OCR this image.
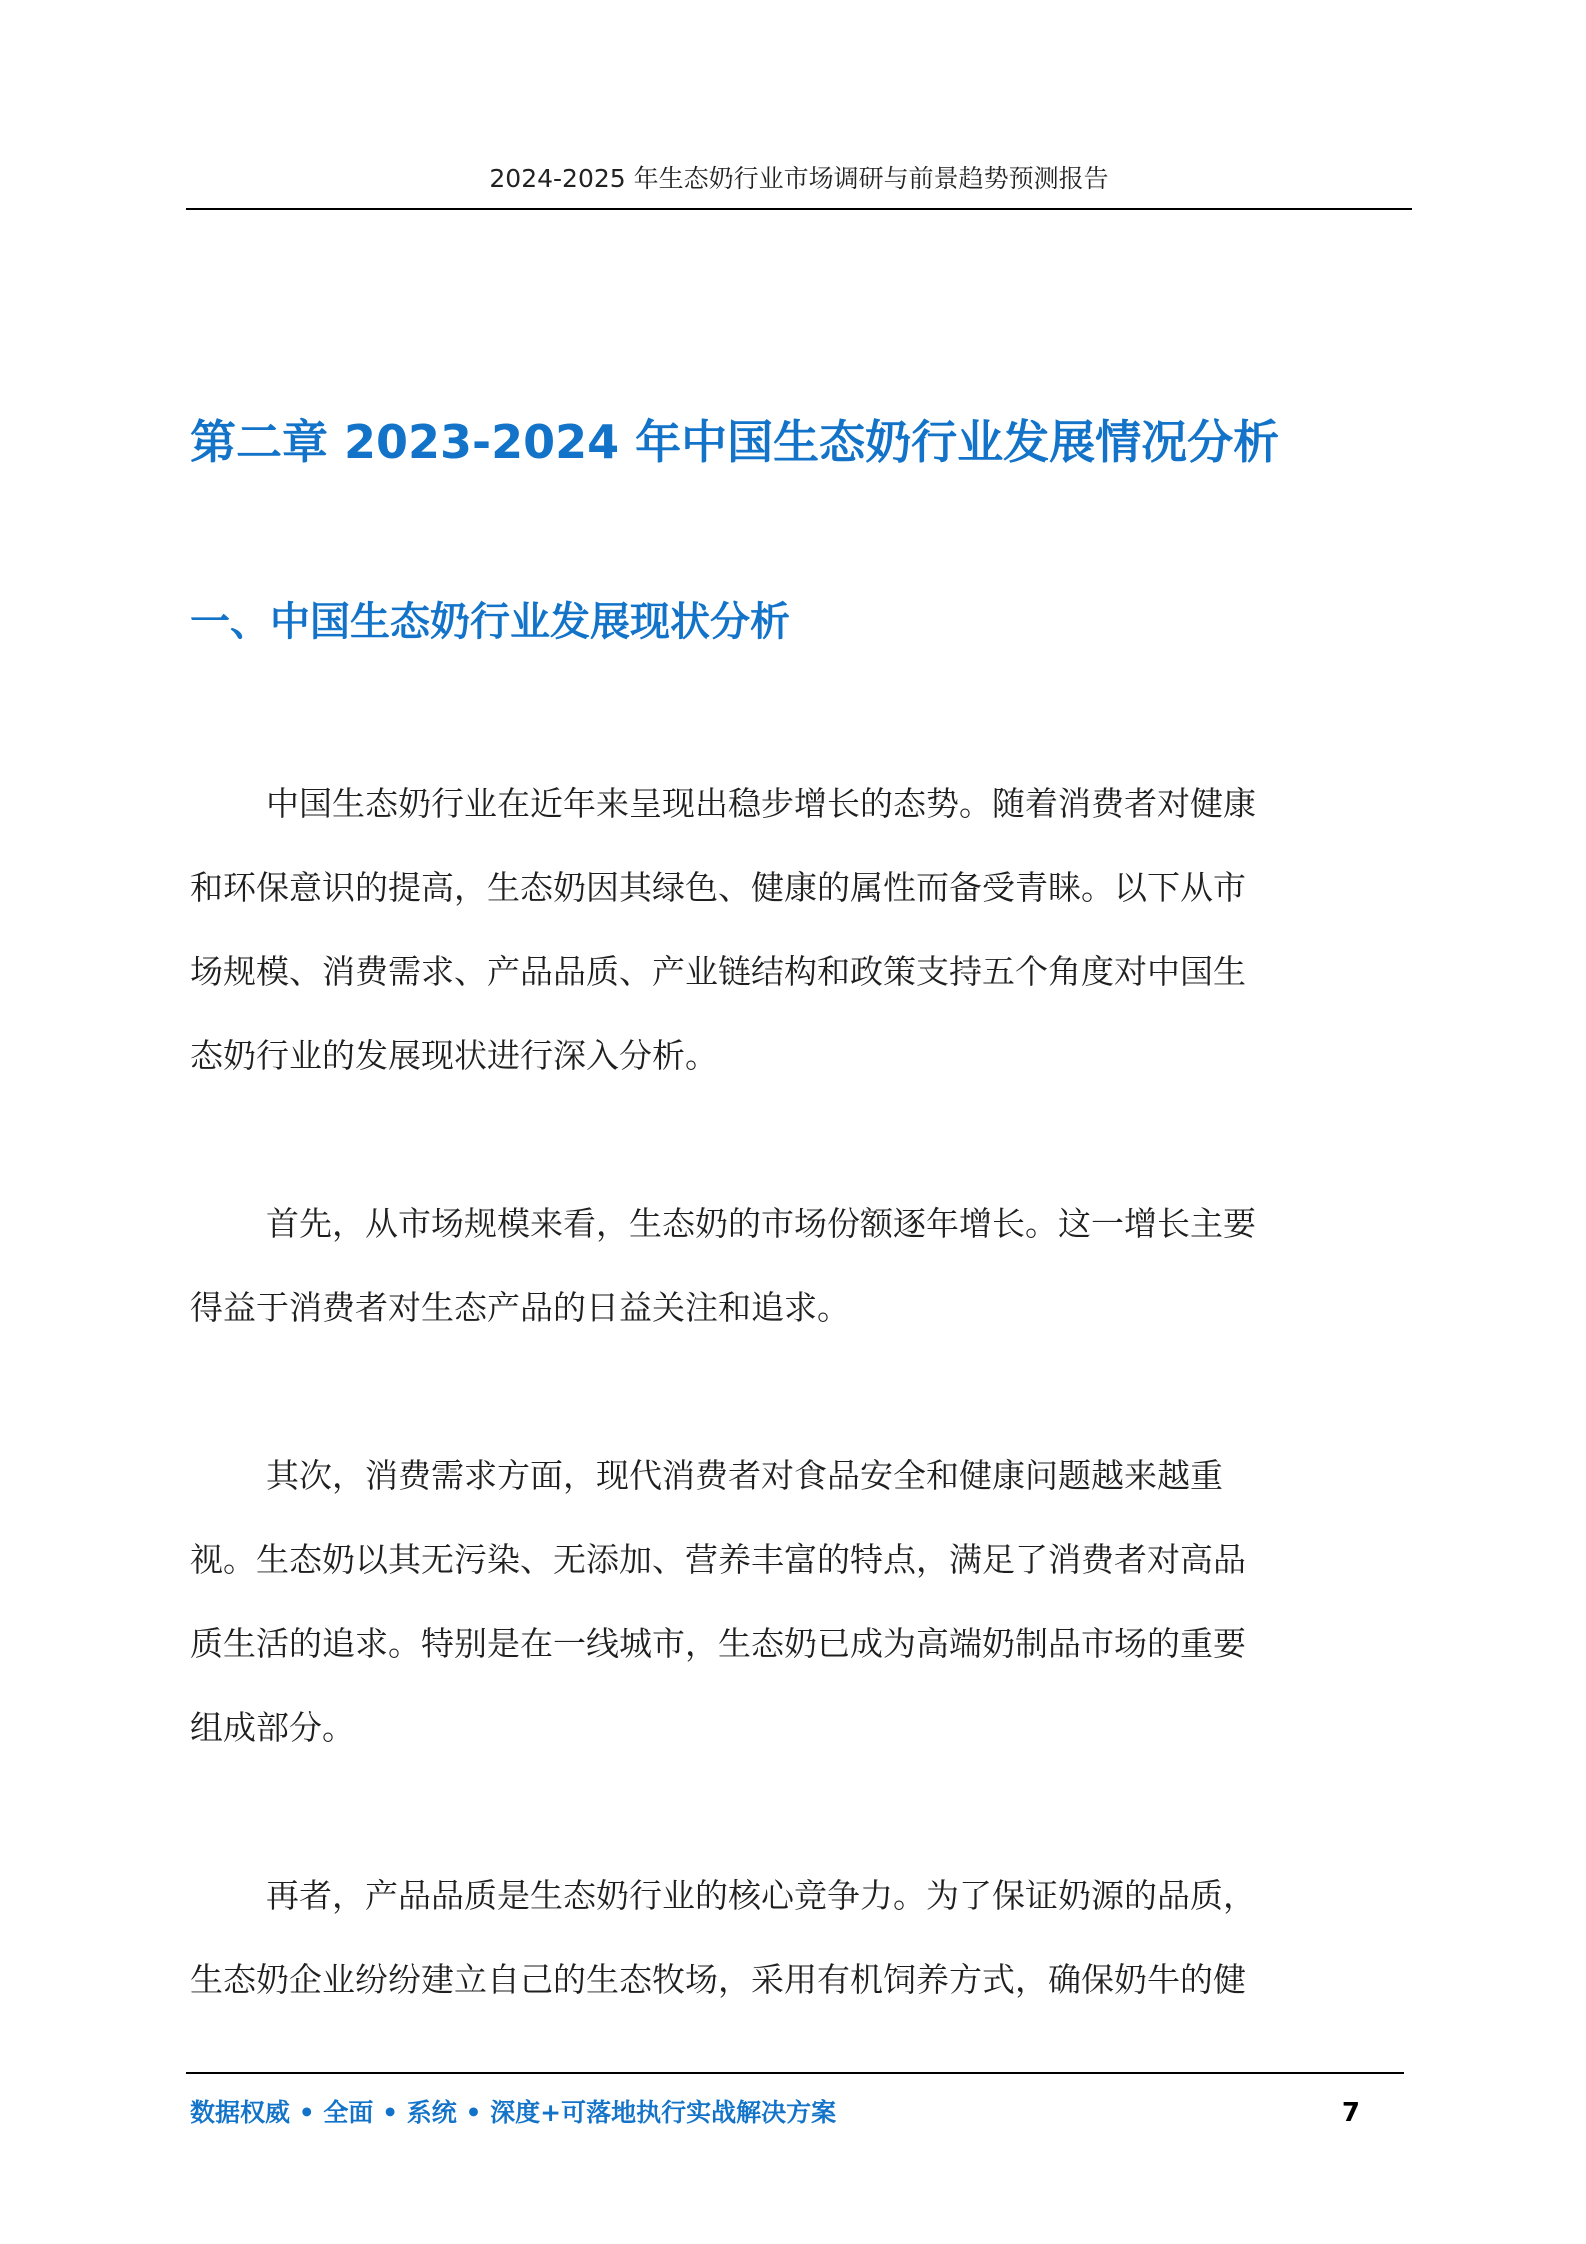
2024-2025 年生态奶行业市场调研与前景趋势预测报告
第二章 2023-2024 年中国生态奶行业发展情况分析
一、中国生态奶行业发展现状分析
中国生态奶行业在近年来呈现出稳步增长的态势。随着消费者对健康
和环保意识的提高，生态奶因其绿色、健康的属性而备受青睐。以下从市
场规模、消费需求、产品品质、产业链结构和政策支持五个角度对中国生
态奶行业的发展现状进行深入分析。
首先，从市场规模来看，生态奶的市场份额逐年增长。这一增长主要
得益于消费者对生态产品的日益关注和追求。
其次，消费需求方面，现代消费者对食品安全和健康问题越来越重
视。生态奶以其无污染、无添加、营养丰富的特点，满足了消费者对高品
质生活的追求。特别是在一线城市，生态奶已成为高端奶制品市场的重要
组成部分。
再者，产品品质是生态奶行业的核心竞争力。为了保证奶源的品质，
生态奶企业纷纷建立自己的生态牧场，采用有机饲养方式，确保奶牛的健
数据权威 • 全面 • 系统 • 深度+可落地执行实战解决方案	7
